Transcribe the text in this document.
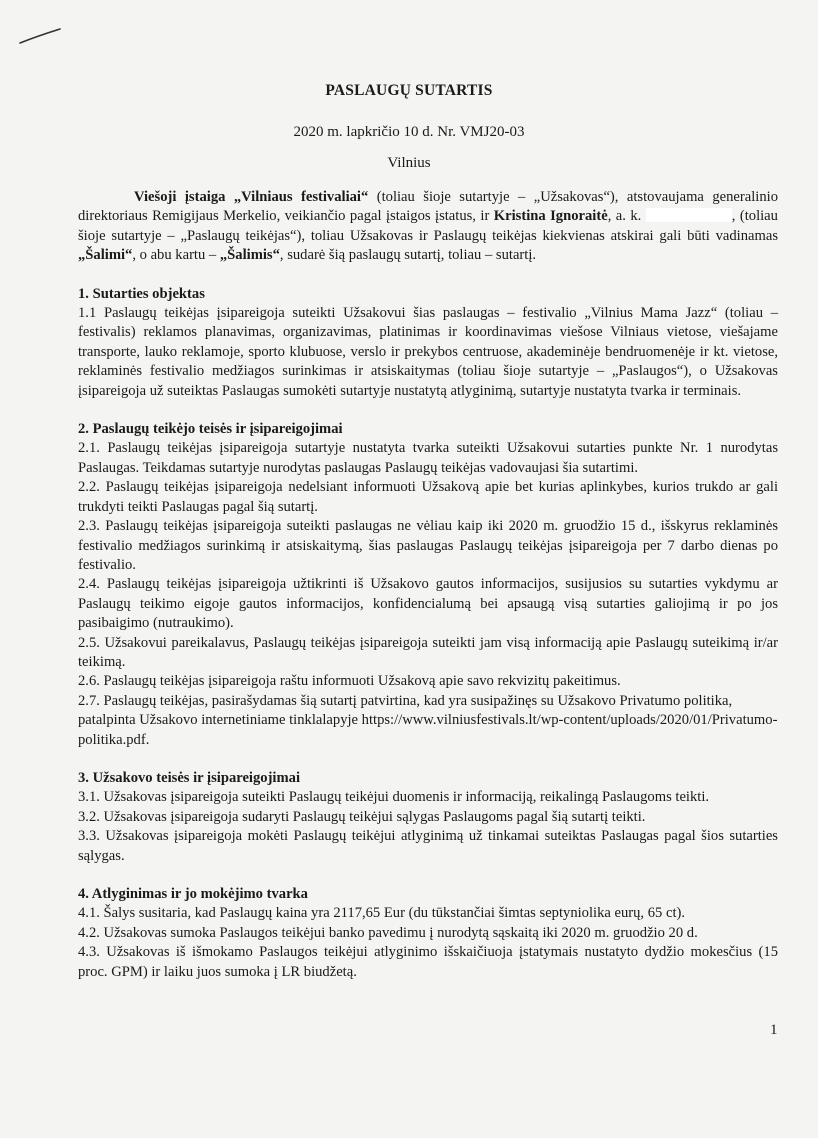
PASLAUGŲ SUTARTIS
2020 m. lapkričio 10 d. Nr. VMJ20-03
Vilnius

Viešoji įstaiga „Vilniaus festivaliai“ (toliau šioje sutartyje – „Užsakovas“), atstovaujama generalinio direktoriaus Remigijaus Merkelio, veikiančio pagal įstaigos įstatus, ir Kristina Ignoraitė, a. k.	, (toliau šioje sutartyje – „Paslaugų teikėjas“), toliau Užsakovas ir Paslaugų teikėjas kiekvienas atskirai gali būti vadinamas „Šalimi“, o abu kartu – „Šalimis“, sudarė šią paslaugų sutartį, toliau – sutartį.

1. Sutarties objektas

1.1 Paslaugų teikėjas įsipareigoja suteikti Užsakovui šias paslaugas – festivalio „Vilnius Mama Jazz“ (toliau – festivalis) reklamos planavimas, organizavimas, platinimas ir koordinavimas viešose Vilniaus vietose, viešajame transporte, lauko reklamoje, sporto klubuose, verslo ir prekybos centruose, akademinėje bendruomenėje ir kt. vietose, reklaminės festivalio medžiagos surinkimas ir atsiskaitymas (toliau šioje sutartyje – „Paslaugos“), o Užsakovas įsipareigoja už suteiktas Paslaugas sumokėti sutartyje nustatytą atlyginimą, sutartyje nustatyta tvarka ir terminais.

2. Paslaugų teikėjo teisės ir įsipareigojimai

2.1. Paslaugų teikėjas įsipareigoja sutartyje nustatyta tvarka suteikti Užsakovui sutarties punkte Nr. 1 nurodytas Paslaugas. Teikdamas sutartyje nurodytas paslaugas Paslaugų teikėjas vadovaujasi šia sutartimi.

2.2. Paslaugų teikėjas įsipareigoja nedelsiant informuoti Užsakovą apie bet kurias aplinkybes, kurios trukdo ar gali trukdyti teikti Paslaugas pagal šią sutartį.

2.3. Paslaugų teikėjas įsipareigoja suteikti paslaugas ne vėliau kaip iki 2020 m. gruodžio 15 d., išskyrus reklaminės festivalio medžiagos surinkimą ir atsiskaitymą, šias paslaugas Paslaugų teikėjas įsipareigoja per 7 darbo dienas po festivalio.

2.4. Paslaugų teikėjas įsipareigoja užtikrinti iš Užsakovo gautos informacijos, susijusios su sutarties vykdymu ar Paslaugų teikimo eigoje gautos informacijos, konfidencialumą bei apsaugą visą sutarties galiojimą ir po jos pasibaigimo (nutraukimo).

2.5. Užsakovui pareikalavus, Paslaugų teikėjas įsipareigoja suteikti jam visą informaciją apie Paslaugų suteikimą ir/ar teikimą.

2.6. Paslaugų teikėjas įsipareigoja raštu informuoti Užsakovą apie savo rekvizitų pakeitimus.

2.7. Paslaugų teikėjas, pasirašydamas šią sutartį patvirtina, kad yra susipažinęs su Užsakovo Privatumo politika, patalpinta Užsakovo internetiniame tinklalapyje https://www.vilniusfestivals.lt/wp-content/uploads/2020/01/Privatumo-politika.pdf.

3. Užsakovo teisės ir įsipareigojimai

3.1. Užsakovas įsipareigoja suteikti Paslaugų teikėjui duomenis ir informaciją, reikalingą Paslaugoms teikti.

3.2. Užsakovas įsipareigoja sudaryti Paslaugų teikėjui sąlygas Paslaugoms pagal šią sutartį teikti.

3.3. Užsakovas įsipareigoja mokėti Paslaugų teikėjui atlyginimą už tinkamai suteiktas Paslaugas pagal šios sutarties sąlygas.

4. Atlyginimas ir jo mokėjimo tvarka

4.1. Šalys susitaria, kad Paslaugų kaina yra 2117,65 Eur (du tūkstančiai šimtas septyniolika eurų, 65 ct).

4.2. Užsakovas sumoka Paslaugos teikėjui banko pavedimu į nurodytą sąskaitą iki 2020 m. gruodžio 20 d.

4.3. Užsakovas iš išmokamo Paslaugos teikėjui atlyginimo išskaičiuoja įstatymais nustatyto dydžio mokesčius (15 proc. GPM) ir laiku juos sumoka į LR biudžetą.

1
